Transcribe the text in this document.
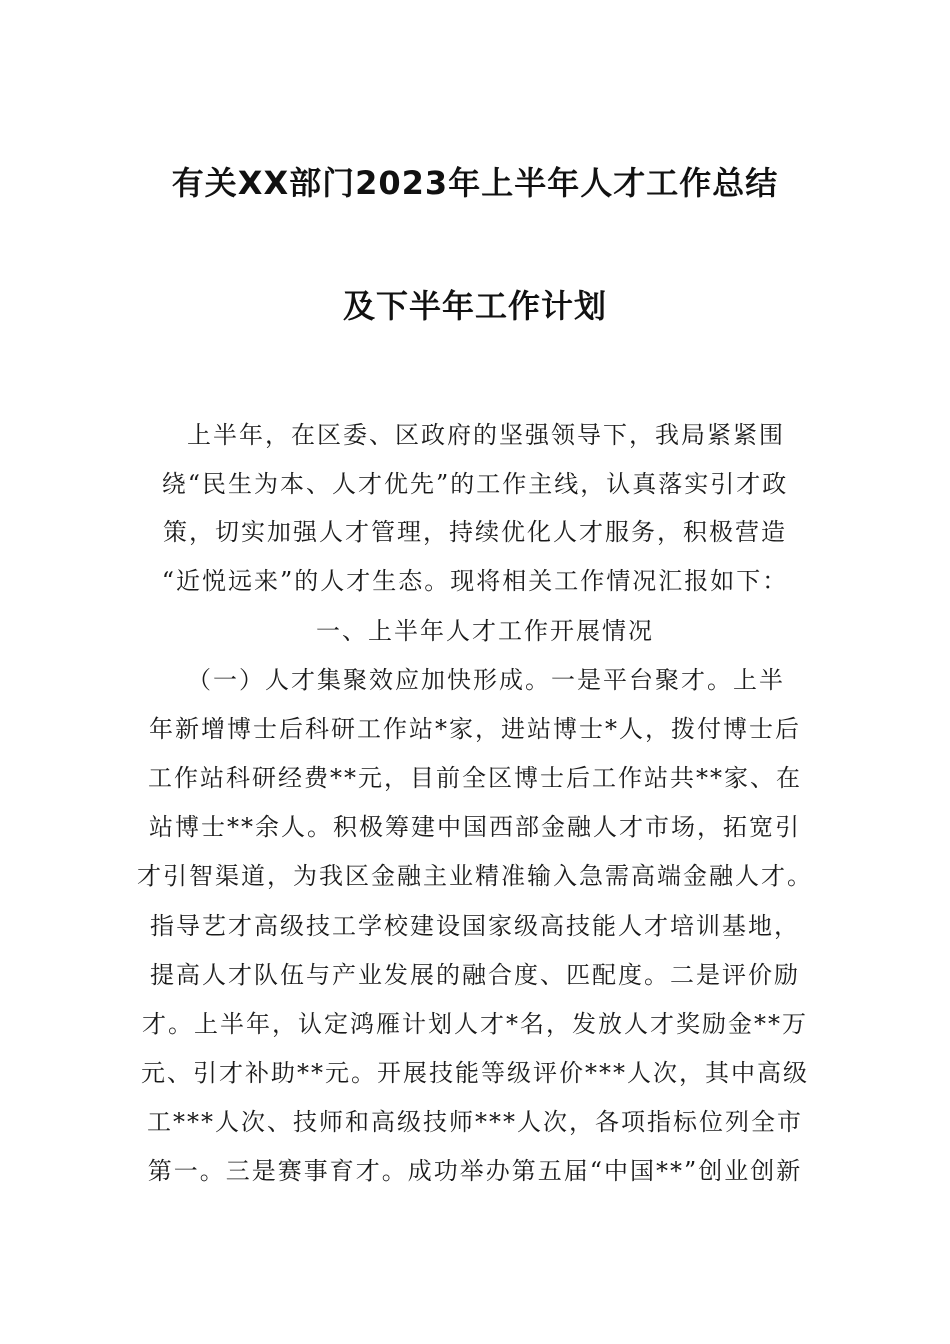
有关XX部门2023年上半年人才工作总结
及下半年工作计划
上半年，在区委、区政府的坚强领导下，我局紧紧围
绕“民生为本、人才优先”的工作主线，认真落实引才政
策，切实加强人才管理，持续优化人才服务，积极营造
“近悦远来”的人才生态。现将相关工作情况汇报如下：
一、上半年人才工作开展情况
（一）人才集聚效应加快形成。一是平台聚才。上半
年新增博士后科研工作站*家，进站博士*人，拨付博士后
工作站科研经费**元，目前全区博士后工作站共**家、在
站博士**余人。积极筹建中国西部金融人才市场，拓宽引
才引智渠道，为我区金融主业精准输入急需高端金融人才。
指导艺才高级技工学校建设国家级高技能人才培训基地，
提高人才队伍与产业发展的融合度、匹配度。二是评价励
才。上半年，认定鸿雁计划人才*名，发放人才奖励金**万
元、引才补助**元。开展技能等级评价***人次，其中高级
工***人次、技师和高级技师***人次，各项指标位列全市
第一。三是赛事育才。成功举办第五届“中国**”创业创新
